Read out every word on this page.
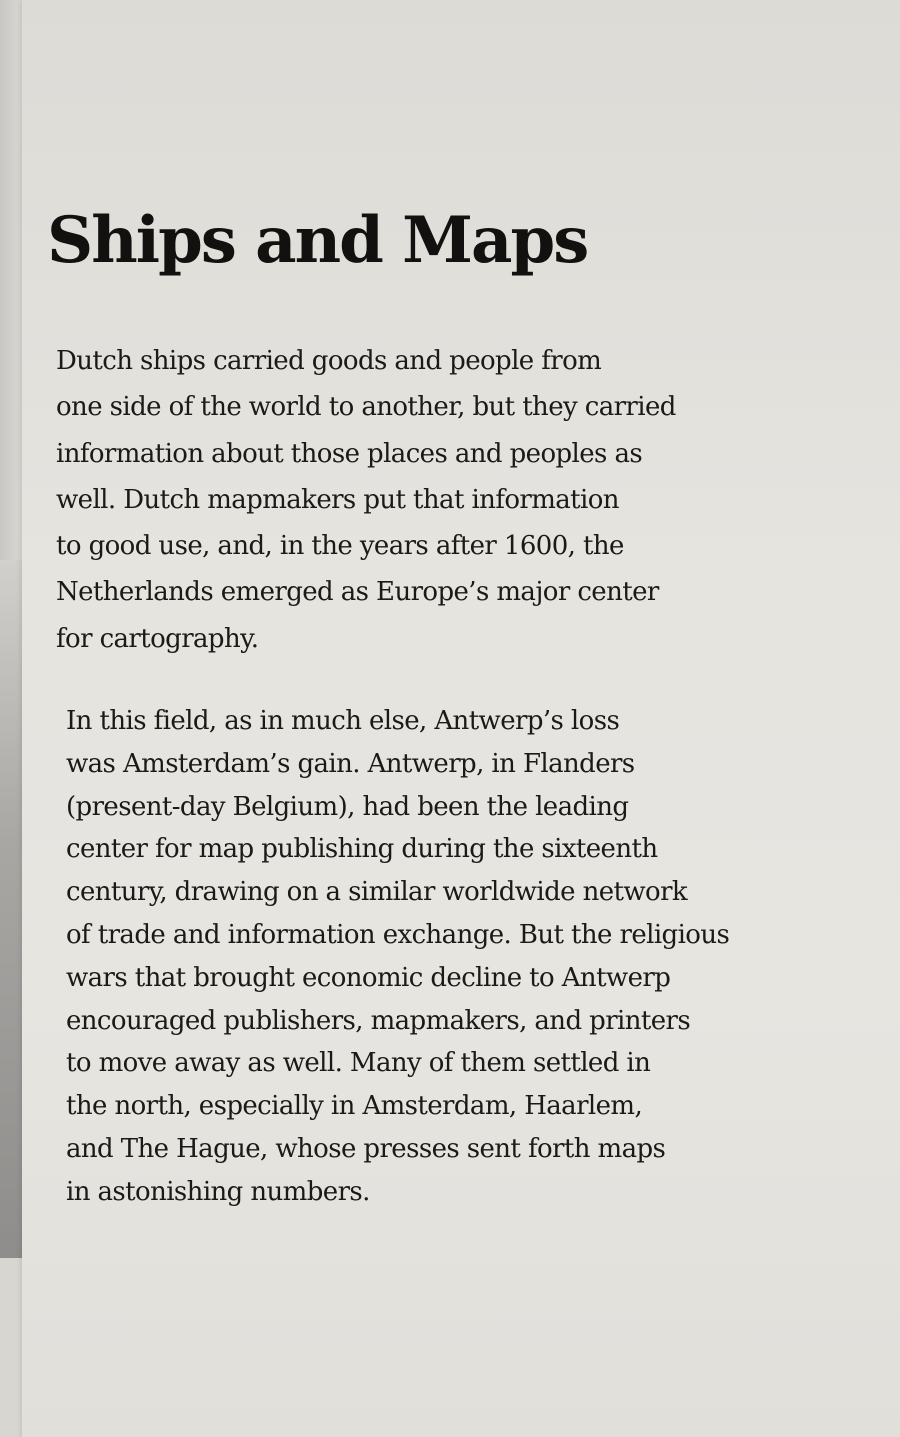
Ships and Maps
Dutch ships carried goods and people from
one side of the world to another, but they carried
information about those places and peoples as
well. Dutch mapmakers put that information
to good use, and, in the years after 1600, the
Netherlands emerged as Europe’s major center
for cartography.
In this field, as in much else, Antwerp’s loss
was Amsterdam’s gain. Antwerp, in Flanders
(present-day Belgium), had been the leading
center for map publishing during the sixteenth
century, drawing on a similar worldwide network
of trade and information exchange. But the religious
wars that brought economic decline to Antwerp
encouraged publishers, mapmakers, and printers
to move away as well. Many of them settled in
the north, especially in Amsterdam, Haarlem,
and The Hague, whose presses sent forth maps
in astonishing numbers.
